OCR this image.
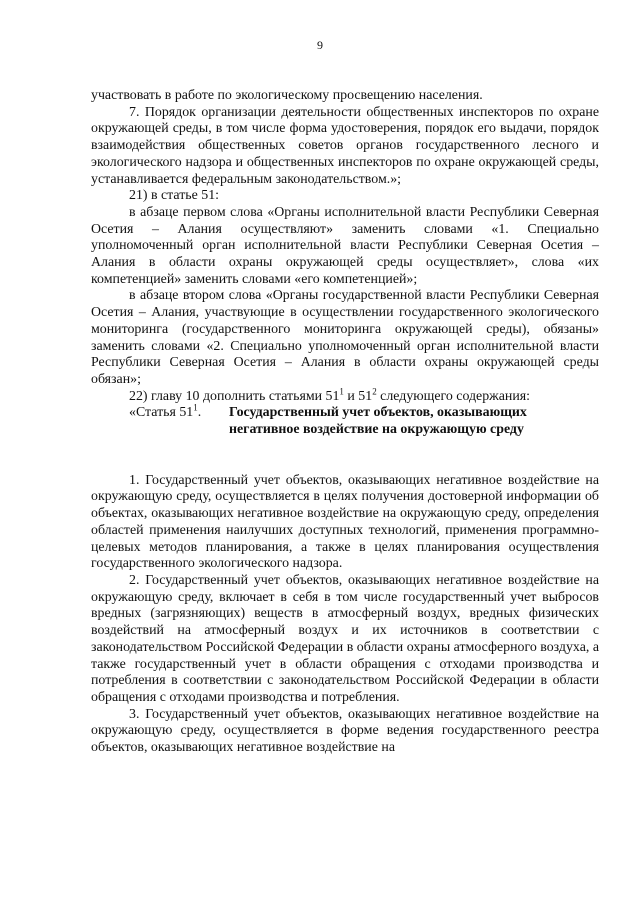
9

участвовать в работе по экологическому просвещению населения.

7. Порядок организации деятельности общественных инспекторов по охране окружающей среды, в том числе форма удостоверения, порядок его выдачи, порядок взаимодействия общественных советов органов государственного лесного и экологического надзора и общественных инспекторов по охране окружающей среды, устанавливается федеральным законодательством.»;

21) в статье 51:

в абзаце первом слова «Органы исполнительной власти Республики Северная Осетия – Алания осуществляют» заменить словами «1. Специально уполномоченный орган исполнительной власти Республики Северная Осетия – Алания в области охраны окружающей среды осуществляет», слова «их компетенцией» заменить словами «его компетенцией»;

в абзаце втором слова «Органы государственной власти Республики Северная Осетия – Алания, участвующие в осуществлении государственного экологического мониторинга (государственного мониторинга окружающей среды), обязаны» заменить словами «2. Специально уполномоченный орган исполнительной власти Республики Северная Осетия – Алания в области охраны окружающей среды обязан»;

22) главу 10 дополнить статьями $51^1$ и $51^2$ следующего содержания:

«Статья $51^1$.	Государственный учет объектов, оказывающих
негативное воздействие на окружающую среду

1. Государственный учет объектов, оказывающих негативное воздействие на окружающую среду, осуществляется в целях получения достоверной информации об объектах, оказывающих негативное воздействие на окружающую среду, определения областей применения наилучших доступных технологий, применения программно-целевых методов планирования, а также в целях планирования осуществления государственного экологического надзора.

2. Государственный учет объектов, оказывающих негативное воздействие на окружающую среду, включает в себя в том числе государственный учет выбросов вредных (загрязняющих) веществ в атмосферный воздух, вредных физических воздействий на атмосферный воздух и их источников в соответствии с законодательством Российской Федерации в области охраны атмосферного воздуха, а также государственный учет в области обращения с отходами производства и потребления в соответствии с законодательством Российской Федерации в области обращения с отходами производства и потребления.

3. Государственный учет объектов, оказывающих негативное воздействие на окружающую среду, осуществляется в форме ведения государственного реестра объектов, оказывающих негативное воздействие на
